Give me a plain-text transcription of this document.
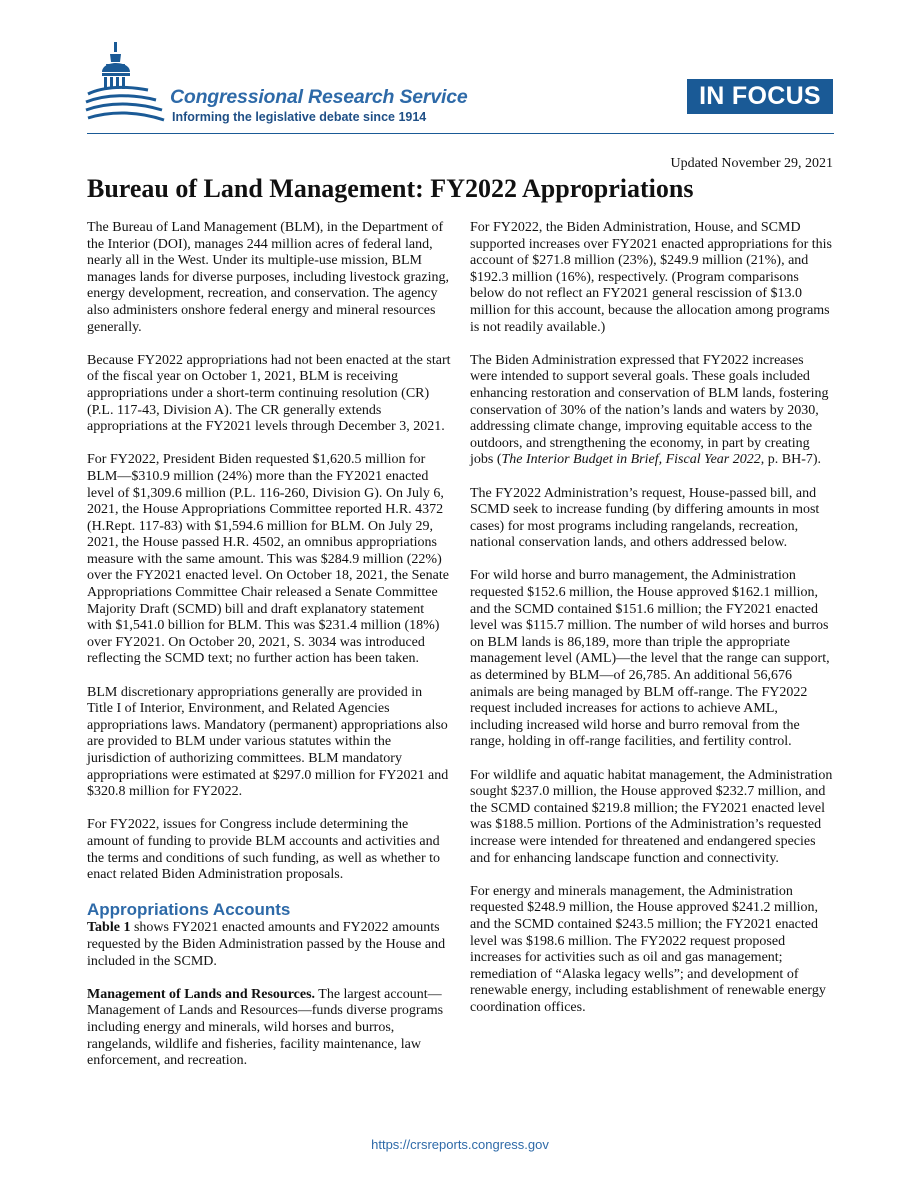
Congressional Research Service
Informing the legislative debate since 1914
IN FOCUS
Updated November 29, 2021
Bureau of Land Management: FY2022 Appropriations

The Bureau of Land Management (BLM), in the Department of the Interior (DOI), manages 244 million acres of federal land, nearly all in the West. Under its multiple-use mission, BLM manages lands for diverse purposes, including livestock grazing, energy development, recreation, and conservation. The agency also administers onshore federal energy and mineral resources generally.

Because FY2022 appropriations had not been enacted at the start of the fiscal year on October 1, 2021, BLM is receiving appropriations under a short-term continuing resolution (CR) (P.L. 117-43, Division A). The CR generally extends appropriations at the FY2021 levels through December 3, 2021.

For FY2022, President Biden requested $1,620.5 million for BLM—$310.9 million (24%) more than the FY2021 enacted level of $1,309.6 million (P.L. 116-260, Division G). On July 6, 2021, the House Appropriations Committee reported H.R. 4372 (H.Rept. 117-83) with $1,594.6 million for BLM. On July 29, 2021, the House passed H.R. 4502, an omnibus appropriations measure with the same amount. This was $284.9 million (22%) over the FY2021 enacted level. On October 18, 2021, the Senate Appropriations Committee Chair released a Senate Committee Majority Draft (SCMD) bill and draft explanatory statement with $1,541.0 billion for BLM. This was $231.4 million (18%) over FY2021. On October 20, 2021, S. 3034 was introduced reflecting the SCMD text; no further action has been taken.

BLM discretionary appropriations generally are provided in Title I of Interior, Environment, and Related Agencies appropriations laws. Mandatory (permanent) appropriations also are provided to BLM under various statutes within the jurisdiction of authorizing committees. BLM mandatory appropriations were estimated at $297.0 million for FY2021 and $320.8 million for FY2022.

For FY2022, issues for Congress include determining the amount of funding to provide BLM accounts and activities and the terms and conditions of such funding, as well as whether to enact related Biden Administration proposals.

Appropriations Accounts

Table 1 shows FY2021 enacted amounts and FY2022 amounts requested by the Biden Administration passed by the House and included in the SCMD.

Management of Lands and Resources. The largest account—Management of Lands and Resources—funds diverse programs including energy and minerals, wild horses and burros, rangelands, wildlife and fisheries, facility maintenance, law enforcement, and recreation.

For FY2022, the Biden Administration, House, and SCMD supported increases over FY2021 enacted appropriations for this account of $271.8 million (23%), $249.9 million (21%), and $192.3 million (16%), respectively. (Program comparisons below do not reflect an FY2021 general rescission of $13.0 million for this account, because the allocation among programs is not readily available.)

The Biden Administration expressed that FY2022 increases were intended to support several goals. These goals included enhancing restoration and conservation of BLM lands, fostering conservation of 30% of the nation’s lands and waters by 2030, addressing climate change, improving equitable access to the outdoors, and strengthening the economy, in part by creating jobs (The Interior Budget in Brief, Fiscal Year 2022, p. BH-7).

The FY2022 Administration’s request, House-passed bill, and SCMD seek to increase funding (by differing amounts in most cases) for most programs including rangelands, recreation, national conservation lands, and others addressed below.

For wild horse and burro management, the Administration requested $152.6 million, the House approved $162.1 million, and the SCMD contained $151.6 million; the FY2021 enacted level was $115.7 million. The number of wild horses and burros on BLM lands is 86,189, more than triple the appropriate management level (AML)—the level that the range can support, as determined by BLM—of 26,785. An additional 56,676 animals are being managed by BLM off-range. The FY2022 request included increases for actions to achieve AML, including increased wild horse and burro removal from the range, holding in off-range facilities, and fertility control.

For wildlife and aquatic habitat management, the Administration sought $237.0 million, the House approved $232.7 million, and the SCMD contained $219.8 million; the FY2021 enacted level was $188.5 million. Portions of the Administration’s requested increase were intended for threatened and endangered species and for enhancing landscape function and connectivity.

For energy and minerals management, the Administration requested $248.9 million, the House approved $241.2 million, and the SCMD contained $243.5 million; the FY2021 enacted level was $198.6 million. The FY2022 request proposed increases for activities such as oil and gas management; remediation of “Alaska legacy wells”; and development of renewable energy, including establishment of renewable energy coordination offices.

https://crsreports.congress.gov
